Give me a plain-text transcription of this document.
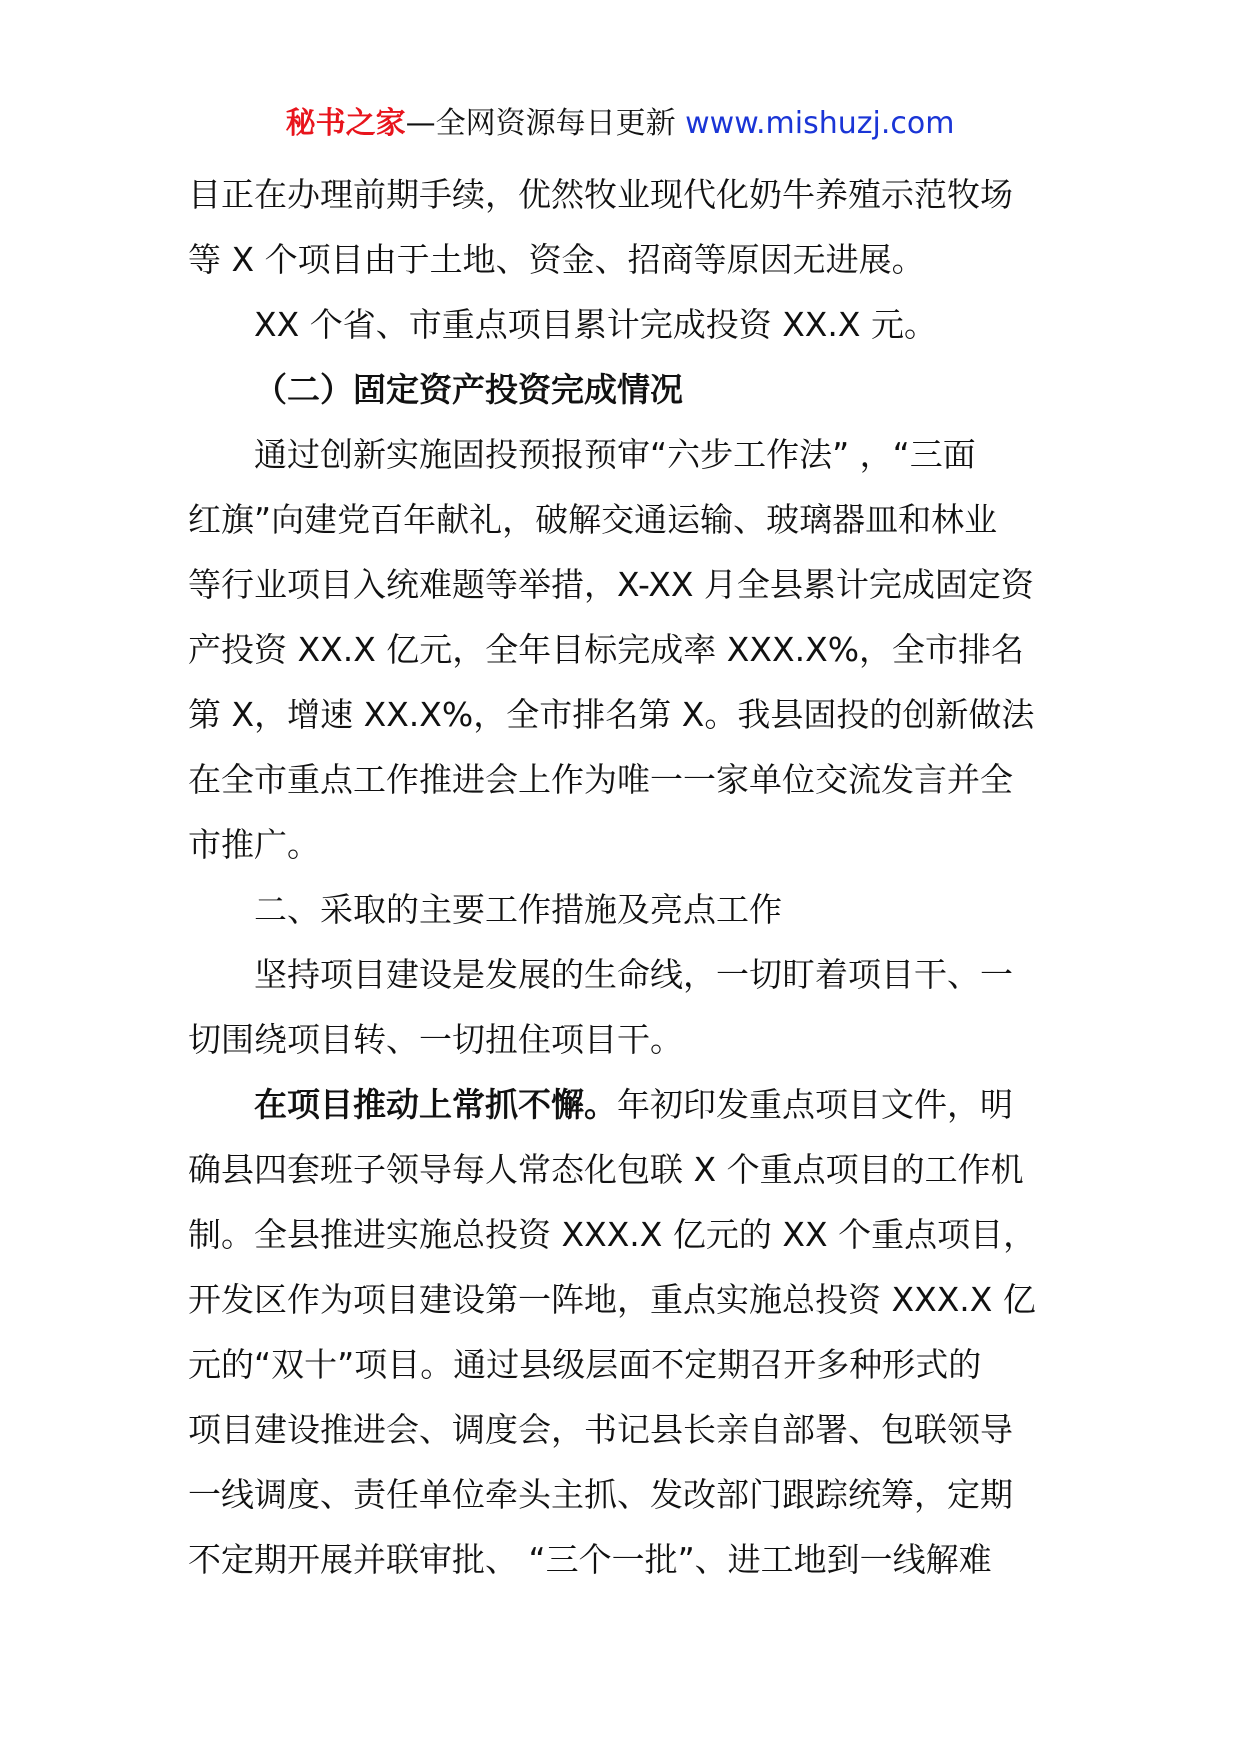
秘书之家—全网资源每日更新 www.mishuzj.com
目正在办理前期手续，优然牧业现代化奶牛养殖示范牧场
等 X 个项目由于土地、资金、招商等原因无进展。
XX 个省、市重点项目累计完成投资 XX.X 元。
（二）固定资产投资完成情况
通过创新实施固投预报预审“六步工作法” ，“三面
红旗”向建党百年献礼，破解交通运输、玻璃器皿和林业
等行业项目入统难题等举措，X-XX 月全县累计完成固定资
产投资 XX.X 亿元，全年目标完成率 XXX.X%，全市排名
第 X，增速 XX.X%，全市排名第 X。我县固投的创新做法
在全市重点工作推进会上作为唯一一家单位交流发言并全
市推广。
二、采取的主要工作措施及亮点工作
坚持项目建设是发展的生命线，一切盯着项目干、一
切围绕项目转、一切扭住项目干。
在项目推动上常抓不懈。年初印发重点项目文件，明
确县四套班子领导每人常态化包联 X 个重点项目的工作机
制。全县推进实施总投资 XXX.X 亿元的 XX 个重点项目，
开发区作为项目建设第一阵地，重点实施总投资 XXX.X 亿
元的“双十”项目。通过县级层面不定期召开多种形式的
项目建设推进会、调度会，书记县长亲自部署、包联领导
一线调度、责任单位牵头主抓、发改部门跟踪统筹，定期
不定期开展并联审批、 “三个一批”、进工地到一线解难
